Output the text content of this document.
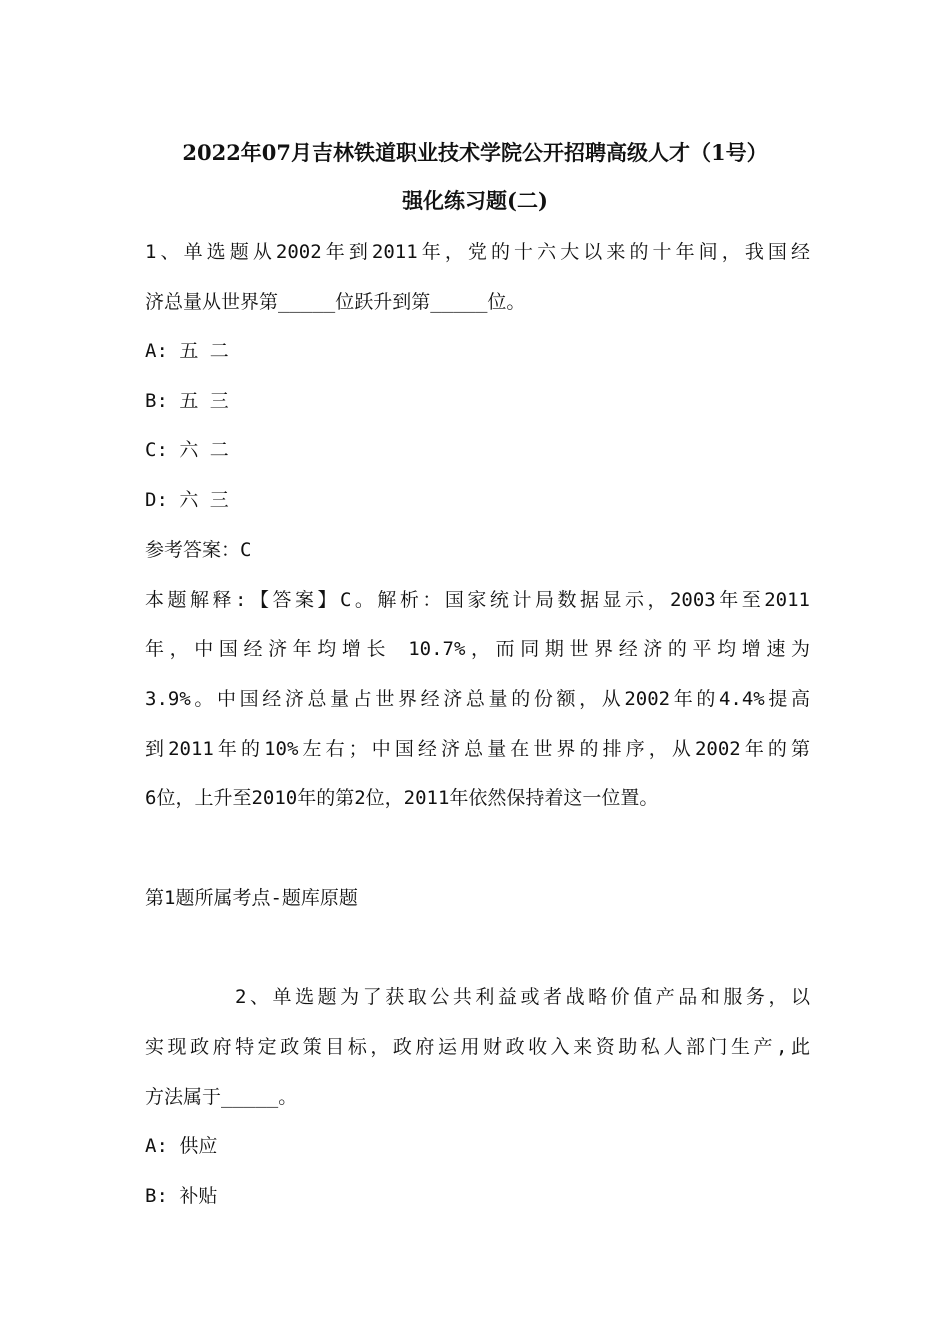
2022年07月吉林铁道职业技术学院公开招聘高级人才（1号）
强化练习题(二)
1、单选题从2002年到2011年，党的十六大以来的十年间，我国经
济总量从世界第_____位跃升到第_____位。
A: 五 二
B: 五 三
C: 六 二
D: 六 三
参考答案：C
本题解释:【答案】C。解析：国家统计局数据显示，2003年至2011
年，中国经济年均增长 10.7%，而同期世界经济的平均增速为
3.9%。中国经济总量占世界经济总量的份额，从2002年的4.4%提高
到2011年的10%左右；中国经济总量在世界的排序，从2002年的第
6位，上升至2010年的第2位，2011年依然保持着这一位置。
第1题所属考点-题库原题
2、单选题为了获取公共利益或者战略价值产品和服务，以
实现政府特定政策目标，政府运用财政收入来资助私人部门生产,此
方法属于_____。
A: 供应
B: 补贴
